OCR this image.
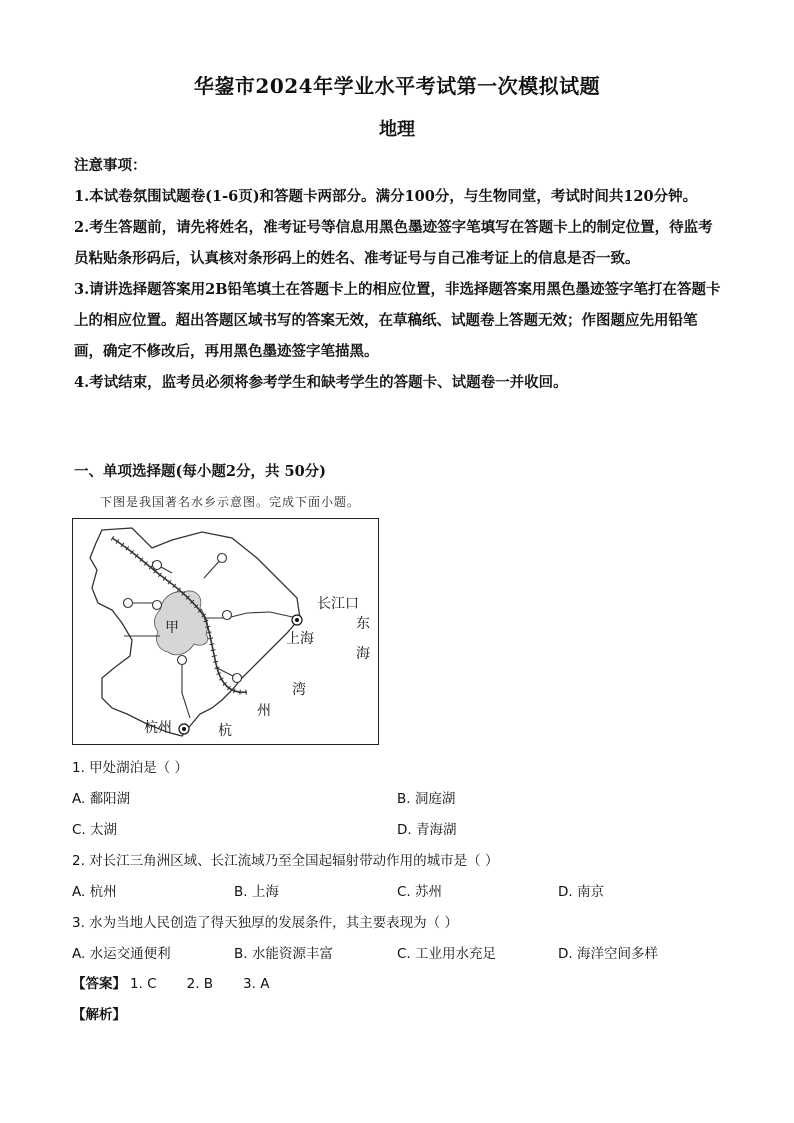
华鋆市2024年学业水平考试第一次模拟试题
地理

注意事项：

1.本试卷氛围试题卷(1-6页)和答题卡两部分。满分100分，与生物同堂，考试时间共120分钟。

2.考生答题前，请先将姓名，准考证号等信息用黑色墨迹签字笔填写在答题卡上的制定位置，待监考员粘贴条形码后，认真核对条形码上的姓名、准考证号与自己准考证上的信息是否一致。

3.请讲选择题答案用2B铅笔填土在答题卡上的相应位置，非选择题答案用黑色墨迹签字笔打在答题卡上的相应位置。超出答题区域书写的答案无效，在草稿纸、试题卷上答题无效；作图题应先用铅笔画，确定不修改后，再用黑色墨迹签字笔描黑。

4.考试结束，监考员必须将参考学生和缺考学生的答题卡、试题卷一并收回。

一、单项选择题(每小题2分，共 50分)
下图是我国著名水乡示意图。完成下面小题。
甲
上海
长江口
东
海
湾
州
杭州	杭
1. 甲处湖泊是（ ）
A. 鄱阳湖	B. 洞庭湖
C. 太湖	D. 青海湖
2. 对长江三角洲区域、长江流域乃至全国起辐射带动作用的城市是（ ）
A. 杭州	B. 上海	C. 苏州	D. 南京
3. 水为当地人民创造了得天独厚的发展条件，其主要表现为（ ）
A. 水运交通便利	B. 水能资源丰富	C. 工业用水充足	D. 海洋空间多样
【答案】 1. C 2. B 3. A
【解析】
